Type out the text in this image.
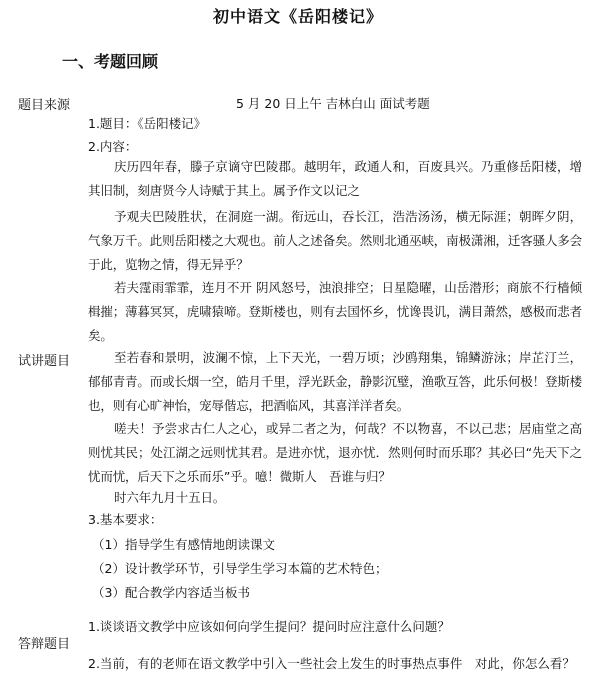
初中语文《岳阳楼记》
一、考题回顾
题目来源	5 月 20 日上午 吉林白山 面试考题
1.题目：《岳阳楼记》
2.内容：
庆历四年春，滕子京谪守巴陵郡。越明年，政通人和，百废具兴。乃重修岳阳楼，增其旧制，刻唐贤今人诗赋于其上。属予作文以记之
予观夫巴陵胜状，在洞庭一湖。衔远山，吞长江，浩浩汤汤，横无际涯；朝晖夕阴，气象万千。此则岳阳楼之大观也。前人之述备矣。然则北通巫峡，南极潇湘，迁客骚人多会于此，览物之情，得无异乎？
若夫霪雨霏霏，连月不开 阴风怒号，浊浪排空；日星隐曜，山岳潜形；商旅不行樯倾楫摧；薄暮冥冥，虎啸猿啼。登斯楼也，则有去国怀乡，忧谗畏讥，满目萧然，感极而悲者矣。
试讲题目	至若春和景明，波澜不惊，上下天光，一碧万顷；沙鸥翔集，锦鳞游泳；岸芷汀兰，郁郁青青。而或长烟一空，皓月千里，浮光跃金，静影沉璧，渔歌互答，此乐何极！登斯楼也，则有心旷神怡，宠辱偕忘，把酒临风，其喜洋洋者矣。
嗟夫！予尝求古仁人之心，或异二者之为，何哉？不以物喜，不以己悲；居庙堂之高则忧其民；处江湖之远则忧其君。是进亦忧，退亦忧．然则何时而乐耶？其必曰“先天下之忧而忧，后天下之乐而乐”乎。噫！微斯人　吾谁与归？
时六年九月十五日。
3.基本要求：
（1）指导学生有感情地朗读课文
（2）设计教学环节，引导学生学习本篇的艺术特色；
（3）配合教学内容适当板书
1.谈谈语文教学中应该如何向学生提问？提问时应注意什么问题？
答辩题目
2.当前，有的老师在语文教学中引入一些社会上发生的时事热点事件　对此，你怎么看？
